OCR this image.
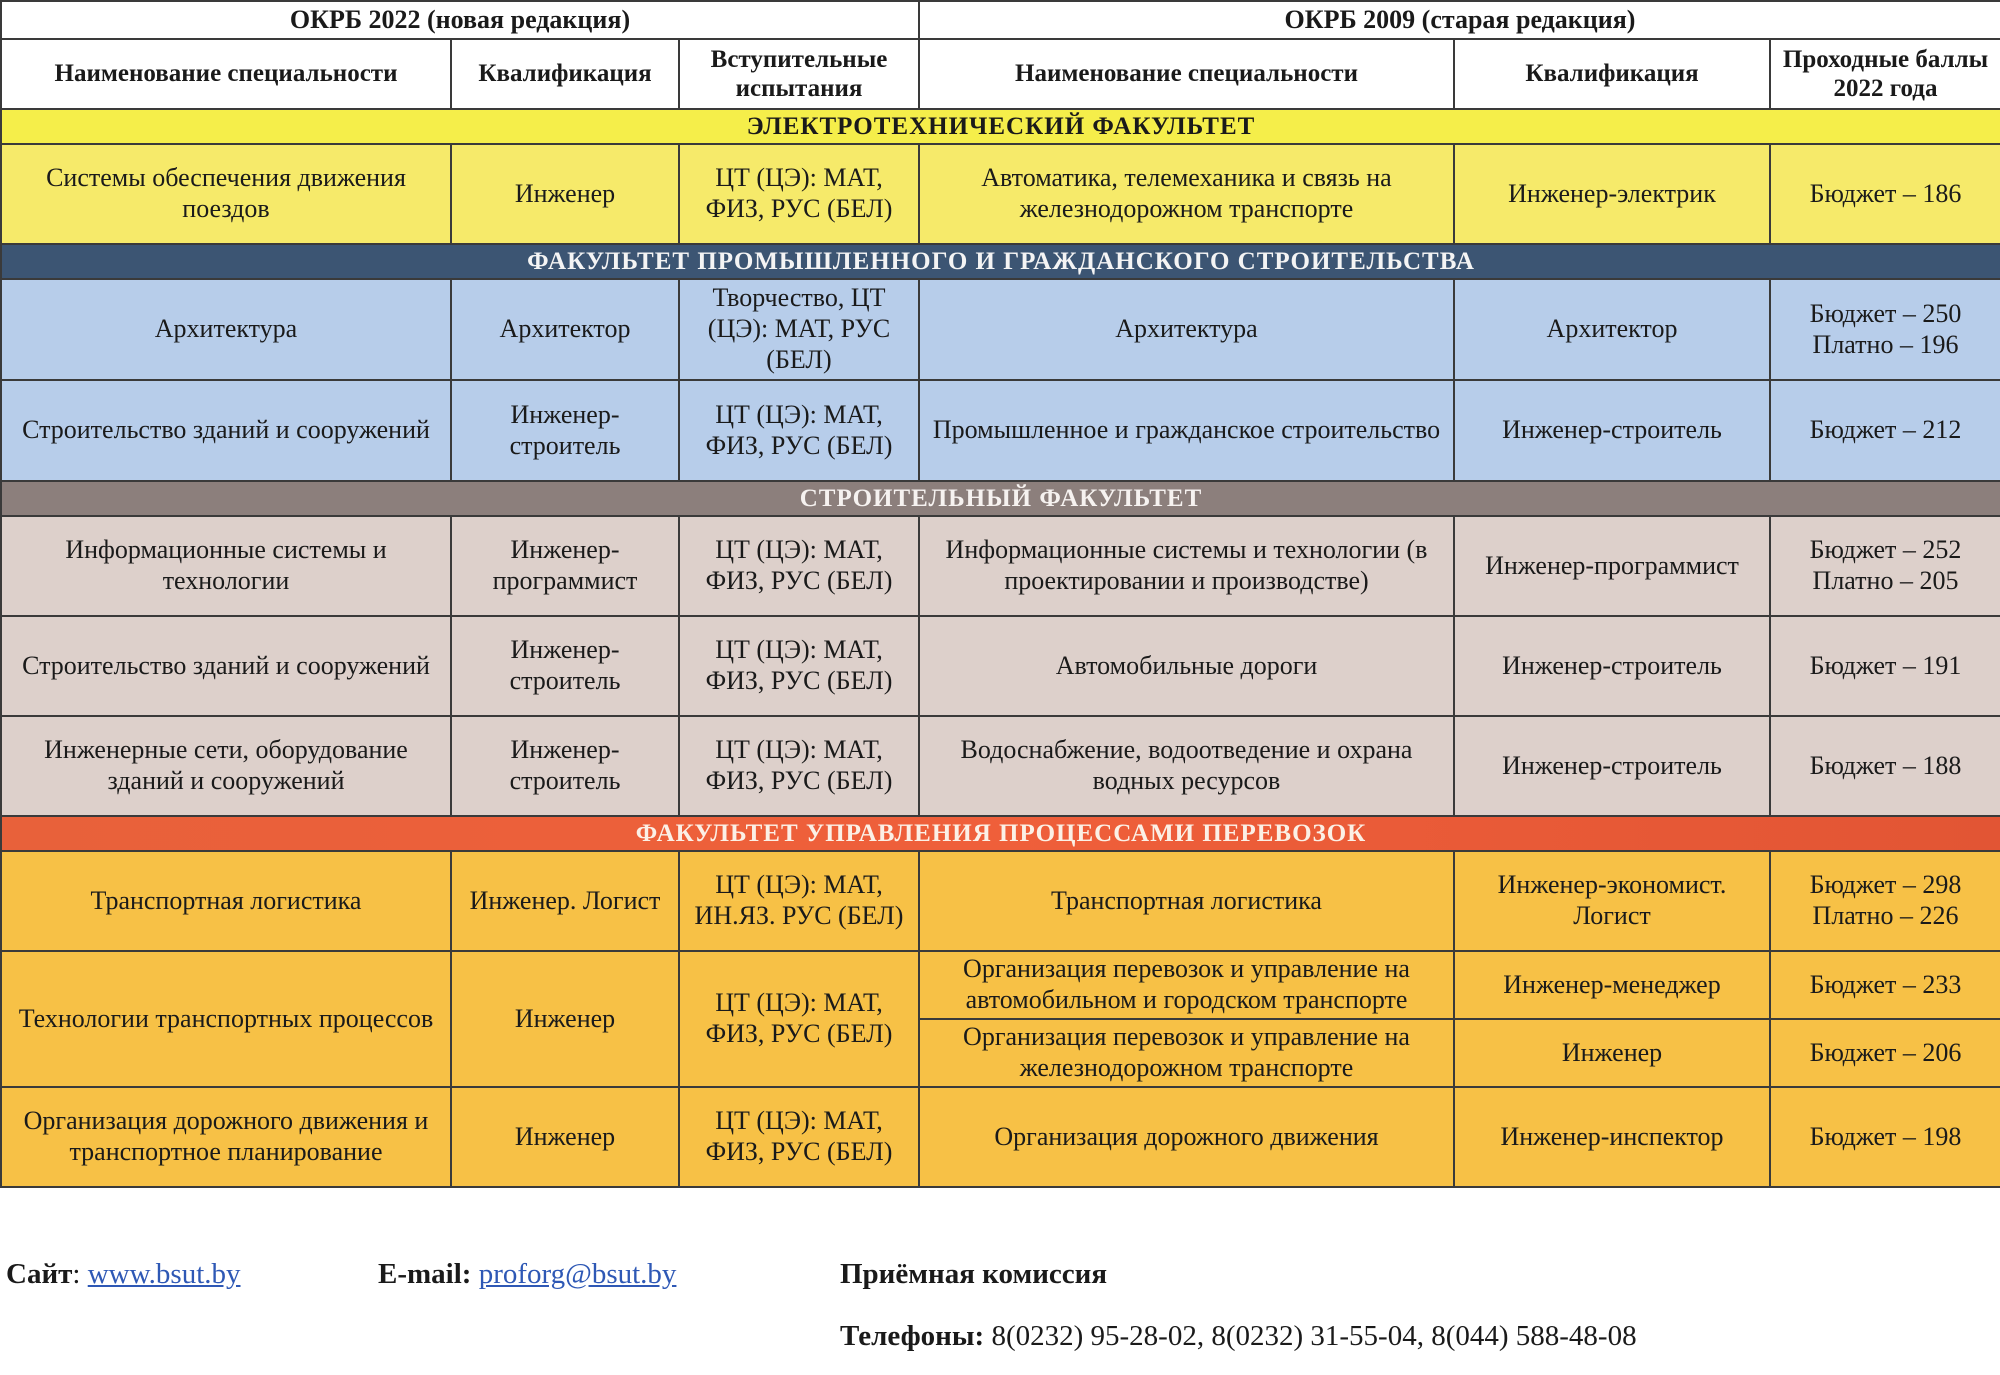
ОКРБ 2022 (новая редакция)			ОКРБ 2009 (старая редакция)		
Наименование специальности	Квалификация	Вступительные испытания	Наименование специальности	Квалификация	Проходные баллы 2022 года
ЭЛЕКТРОТЕХНИЧЕСКИЙ ФАКУЛЬТЕТ					
Системы обеспечения движения поездов	Инженер	ЦТ (ЦЭ): МАТ, ФИЗ, РУС (БЕЛ)	Автоматика, телемеханика и связь на железнодорожном транспорте	Инженер-электрик	Бюджет – 186

ФАКУЛЬТЕТ ПРОМЫШЛЕННОГО И ГРАЖДАНСКОГО СТРОИТЕЛЬСТВА					
Архитектура	Архитектор	Творчество, ЦТ (ЦЭ): МАТ, РУС (БЕЛ)	Архитектура	Архитектор	Бюджет – 250
Платно – 196

Строительство зданий и сооружений	Инженер-строитель	ЦТ (ЦЭ): МАТ, ФИЗ, РУС (БЕЛ)	Промышленное и гражданское строительство	Инженер-строитель	Бюджет – 212

СТРОИТЕЛЬНЫЙ ФАКУЛЬТЕТ					
Информационные системы и технологии	Инженер-программист	ЦТ (ЦЭ): МАТ, ФИЗ, РУС (БЕЛ)	Информационные системы и технологии (в проектировании и производстве)	Инженер-программист	Бюджет – 252
Платно – 205

Строительство зданий и сооружений	Инженер-строитель	ЦТ (ЦЭ): МАТ, ФИЗ, РУС (БЕЛ)	Автомобильные дороги	Инженер-строитель	Бюджет – 191

Инженерные сети, оборудование зданий и сооружений	Инженер-строитель	ЦТ (ЦЭ): МАТ, ФИЗ, РУС (БЕЛ)	Водоснабжение, водоотведение и охрана водных ресурсов	Инженер-строитель	Бюджет – 188

ФАКУЛЬТЕТ УПРАВЛЕНИЯ ПРОЦЕССАМИ ПЕРЕВОЗОК					
Транспортная логистика	Инженер. Логист	ЦТ (ЦЭ): МАТ, ИН.ЯЗ. РУС (БЕЛ)	Транспортная логистика	Инженер-экономист. Логист	Бюджет – 298
Платно – 226

Технологии транспортных процессов	Инженер	ЦТ (ЦЭ): МАТ, ФИЗ, РУС (БЕЛ)	Организация перевозок и управление на автомобильном и городском транспорте	Инженер-менеджер	Бюджет – 233

			Организация перевозок и управление на железнодорожном транспорте	Инженер	Бюджет – 206

Организация дорожного движения и транспортное планирование	Инженер	ЦТ (ЦЭ): МАТ, ФИЗ, РУС (БЕЛ)	Организация дорожного движения	Инженер-инспектор	Бюджет – 198
Сайт: www.bsut.by	E-mail: proforg@bsut.by	Приёмная комиссия
Телефоны: 8(0232) 95-28-02, 8(0232) 31-55-04, 8(044) 588-48-08
